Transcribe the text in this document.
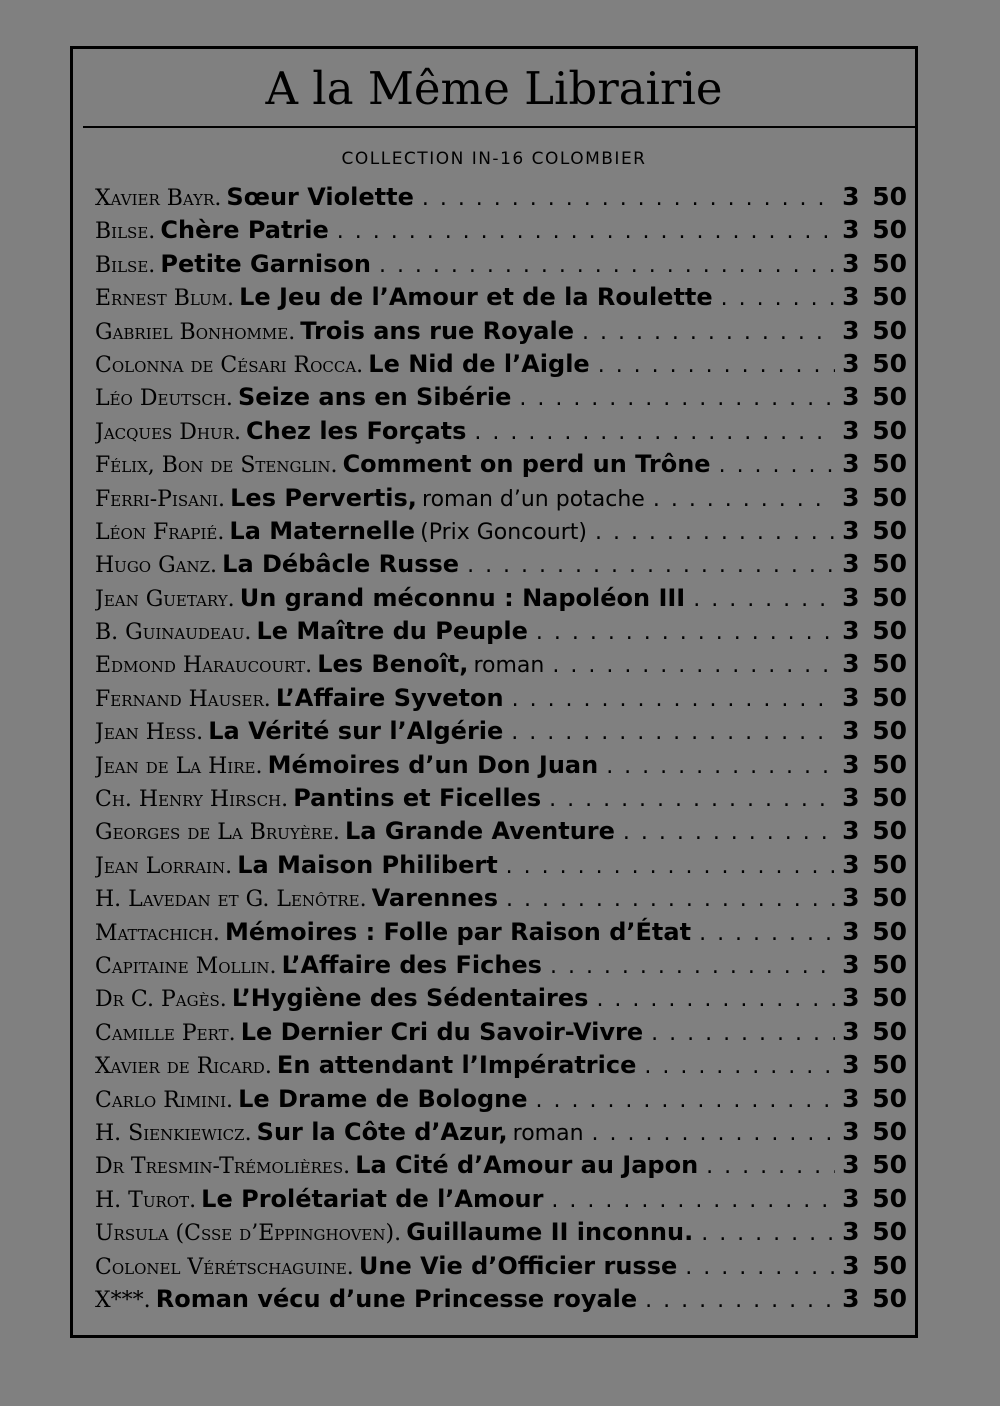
A la Même Librairie
COLLECTION IN-16 COLOMBIER
Xavier Bayr. Sœur Violette . . .	3 50
Bilse. Chère Patrie . . .	3 50
Bilse. Petite Garnison . . .	3 50
Ernest Blum. Le Jeu de l’Amour et de la Roulette . . .	3 50
Gabriel Bonhomme. Trois ans rue Royale . . .	3 50
Colonna de Césari Rocca. Le Nid de l’Aigle . . .	3 50
Léo Deutsch. Seize ans en Sibérie . . .	3 50
Jacques Dhur. Chez les Forçats . . .	3 50
Félix, Bon de Stenglin. Comment on perd un Trône . . .	3 50
Ferri-Pisani. Les Pervertis, roman d’un potache . . .	3 50
Léon Frapié. La Maternelle (Prix Goncourt) . . .	3 50
Hugo Ganz. La Débâcle Russe . . .	3 50
Jean Guetary. Un grand méconnu : Napoléon III . . .	3 50
B. Guinaudeau. Le Maître du Peuple . . .	3 50
Edmond Haraucourt. Les Benoît, roman . . .	3 50
Fernand Hauser. L’Affaire Syveton . . .	3 50
Jean Hess. La Vérité sur l’Algérie . . .	3 50
Jean de La Hire. Mémoires d’un Don Juan . . .	3 50
Ch. Henry Hirsch. Pantins et Ficelles . . .	3 50
Georges de La Bruyère. La Grande Aventure . . .	3 50
Jean Lorrain. La Maison Philibert . . .	3 50
H. Lavedan et G. Lenôtre. Varennes . . .	3 50
Mattachich. Mémoires : Folle par Raison d’État . . .	3 50
Capitaine Mollin. L’Affaire des Fiches . . .	3 50
Dr C. Pagès. L’Hygiène des Sédentaires . . .	3 50
Camille Pert. Le Dernier Cri du Savoir-Vivre . . .	3 50
Xavier de Ricard. En attendant l’Impératrice . . .	3 50
Carlo Rimini. Le Drame de Bologne . . .	3 50
H. Sienkiewicz. Sur la Côte d’Azur, roman . . .	3 50
Dr Tresmin-Trémolières. La Cité d’Amour au Japon . . .	3 50
H. Turot. Le Prolétariat de l’Amour . . .	3 50
Ursula (Csse d’Eppinghoven). Guillaume II inconnu. . . .	3 50
Colonel Vérétschaguine. Une Vie d’Officier russe . . .	3 50
X***. Roman vécu d’une Princesse royale . . .	3 50
